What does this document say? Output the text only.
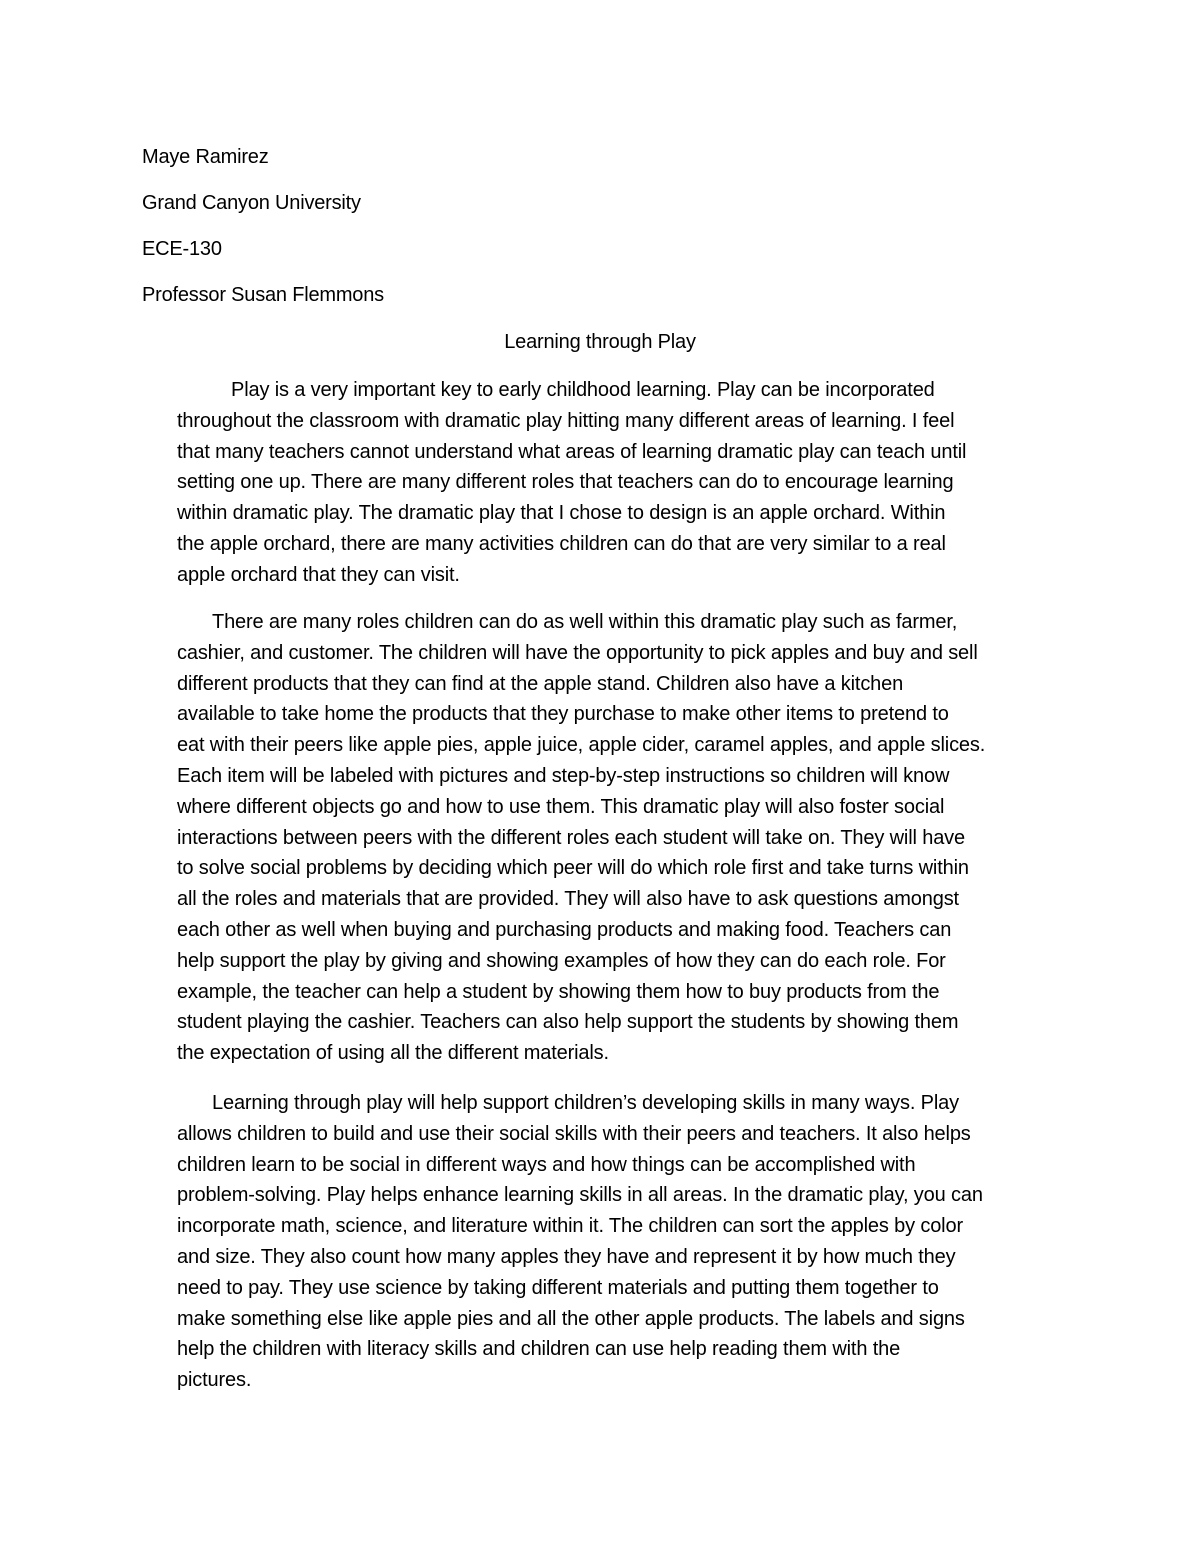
Maye Ramirez
Grand Canyon University
ECE-130
Professor Susan Flemmons
Learning through Play
Play is a very important key to early childhood learning. Play can be incorporated
throughout the classroom with dramatic play hitting many different areas of learning. I feel
that many teachers cannot understand what areas of learning dramatic play can teach until
setting one up. There are many different roles that teachers can do to encourage learning
within dramatic play. The dramatic play that I chose to design is an apple orchard. Within
the apple orchard, there are many activities children can do that are very similar to a real
apple orchard that they can visit.
There are many roles children can do as well within this dramatic play such as farmer,
cashier, and customer. The children will have the opportunity to pick apples and buy and sell
different products that they can find at the apple stand. Children also have a kitchen
available to take home the products that they purchase to make other items to pretend to
eat with their peers like apple pies, apple juice, apple cider, caramel apples, and apple slices.
Each item will be labeled with pictures and step-by-step instructions so children will know
where different objects go and how to use them. This dramatic play will also foster social
interactions between peers with the different roles each student will take on. They will have
to solve social problems by deciding which peer will do which role first and take turns within
all the roles and materials that are provided. They will also have to ask questions amongst
each other as well when buying and purchasing products and making food. Teachers can
help support the play by giving and showing examples of how they can do each role. For
example, the teacher can help a student by showing them how to buy products from the
student playing the cashier. Teachers can also help support the students by showing them
the expectation of using all the different materials.
Learning through play will help support children’s developing skills in many ways. Play
allows children to build and use their social skills with their peers and teachers. It also helps
children learn to be social in different ways and how things can be accomplished with
problem-solving. Play helps enhance learning skills in all areas. In the dramatic play, you can
incorporate math, science, and literature within it. The children can sort the apples by color
and size. They also count how many apples they have and represent it by how much they
need to pay. They use science by taking different materials and putting them together to
make something else like apple pies and all the other apple products. The labels and signs
help the children with literacy skills and children can use help reading them with the
pictures.
